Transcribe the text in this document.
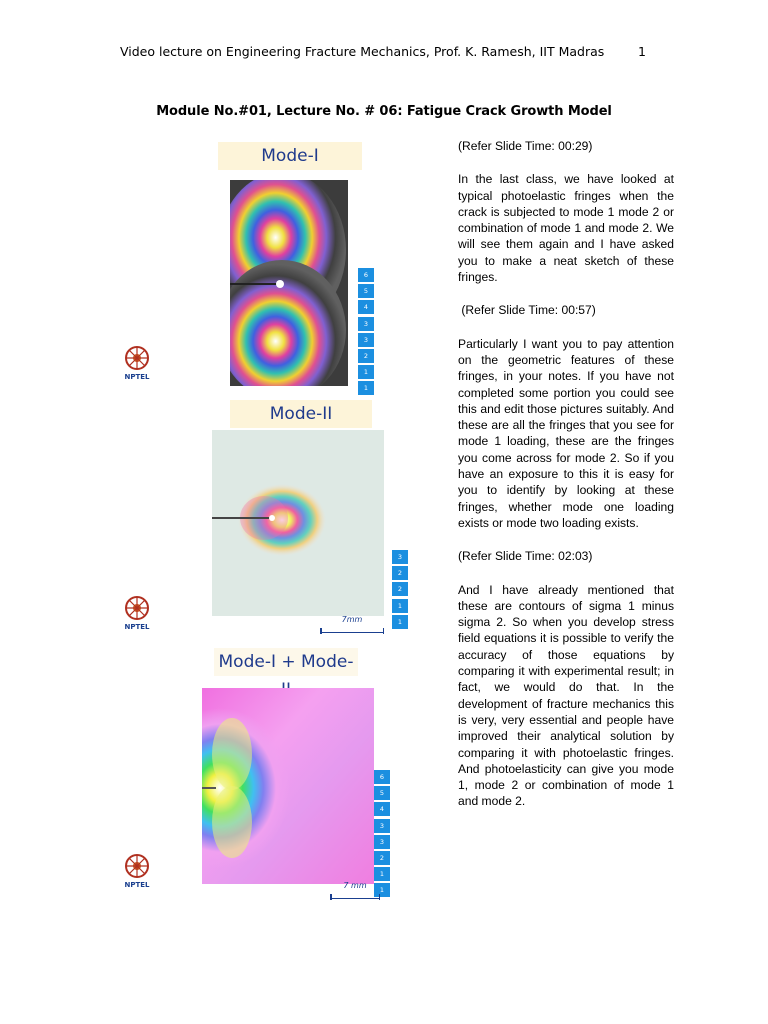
Video lecture on Engineering Fracture Mechanics, Prof. K. Ramesh, IIT Madras	1
Module No.#01, Lecture No. # 06: Fatigue Crack Growth Model
Mode-I
6
5
4
3
3
2
1
1
NPTEL
Mode-II
3
2
2
1
1
NPTEL
7mm
Mode-I + Mode-
6
5
4
3
3
2
1
1
NPTEL	7 mm

(Refer Slide Time: 00:29)

In the last class, we have looked at typical photoelastic fringes when the crack is subjected to mode 1 mode 2 or combination of mode 1 and mode 2. We will see them again and I have asked you to make a neat sketch of these fringes.

(Refer Slide Time: 00:57)

Particularly I want you to pay attention on the geometric features of these fringes, in your notes. If you have not completed some portion you could see this and edit those pictures suitably. And these are all the fringes that you see for mode 1 loading, these are the fringes you come across for mode 2. So if you have an exposure to this it is easy for you to identify by looking at these fringes, whether mode one loading exists or mode two loading exists.

(Refer Slide Time: 02:03)

And I have already mentioned that these are contours of sigma 1 minus sigma 2. So when you develop stress field equations it is possible to verify the accuracy of those equations by comparing it with experimental result; in fact, we would do that. In the development of fracture mechanics this is very, very essential and people have improved their analytical solution by comparing it with photoelastic fringes. And photoelasticity can give you mode 1, mode 2 or combination of mode 1 and mode 2.
